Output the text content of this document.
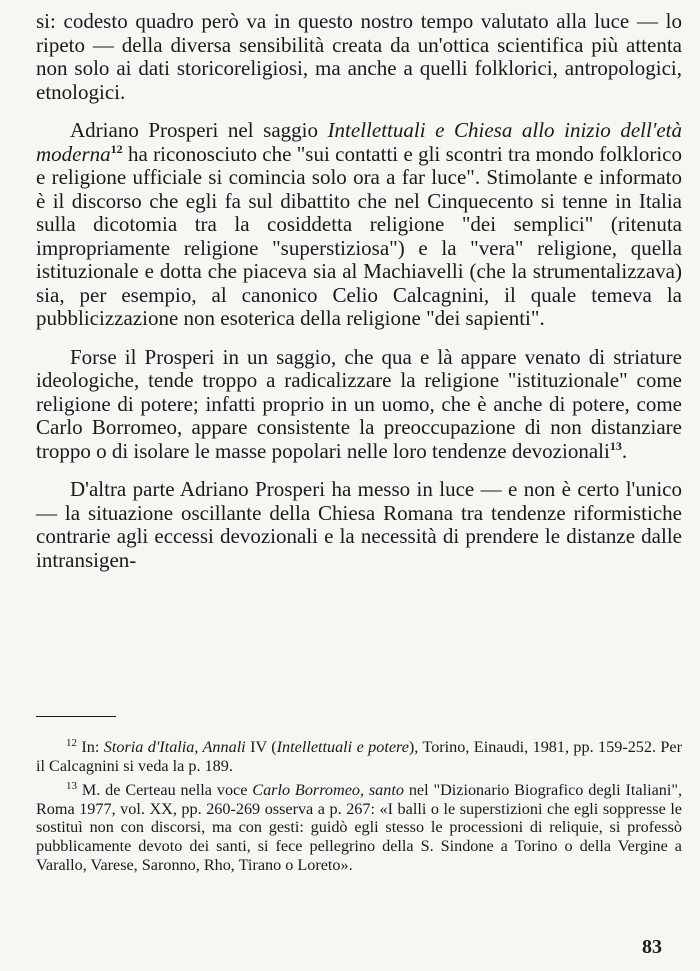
si: codesto quadro però va in questo nostro tempo valutato alla luce — lo ripeto — della diversa sensibilità creata da un'ottica scientifica più attenta non solo ai dati storicoreligiosi, ma anche a quelli folklorici, antropologici, etnologici.

Adriano Prosperi nel saggio Intellettuali e Chiesa allo inizio dell'età moderna$^{12}$ ha riconosciuto che "sui contatti e gli scontri tra mondo folklorico e religione ufficiale si comincia solo ora a far luce". Stimolante e informato è il discorso che egli fa sul dibattito che nel Cinquecento si tenne in Italia sulla dicotomia tra la cosiddetta religione "dei semplici" (ritenuta impropriamente religione "superstiziosa") e la "vera" religione, quella istituzionale e dotta che piaceva sia al Machiavelli (che la strumentalizzava) sia, per esempio, al canonico Celio Calcagnini, il quale temeva la pubblicizzazione non esoterica della religione "dei sapienti".

Forse il Prosperi in un saggio, che qua e là appare venato di striature ideologiche, tende troppo a radicalizzare la religione "istituzionale" come religione di potere; infatti proprio in un uomo, che è anche di potere, come Carlo Borromeo, appare consistente la preoccupazione di non distanziare troppo o di isolare le masse popolari nelle loro tendenze devozionali$^{13}$.

D'altra parte Adriano Prosperi ha messo in luce — e non è certo l'unico — la situazione oscillante della Chiesa Romana tra tendenze riformistiche contrarie agli eccessi devozionali e la necessità di prendere le distanze dalle intransigen-

$^{12}$ In: Storia d'Italia, Annali IV (Intellettuali e potere), Torino, Einaudi, 1981, pp. 159-252. Per il Calcagnini si veda la p. 189.

$^{13}$ M. de Certeau nella voce Carlo Borromeo, santo nel "Dizionario Biografico degli Italiani", Roma 1977, vol. XX, pp. 260-269 osserva a p. 267: «I balli o le superstizioni che egli soppresse le sostituì non con discorsi, ma con gesti: guidò egli stesso le processioni di reliquie, si professò pubblicamente devoto dei santi, si fece pellegrino della S. Sindone a Torino o della Vergine a Varallo, Varese, Saronno, Rho, Tirano o Loreto».

83
